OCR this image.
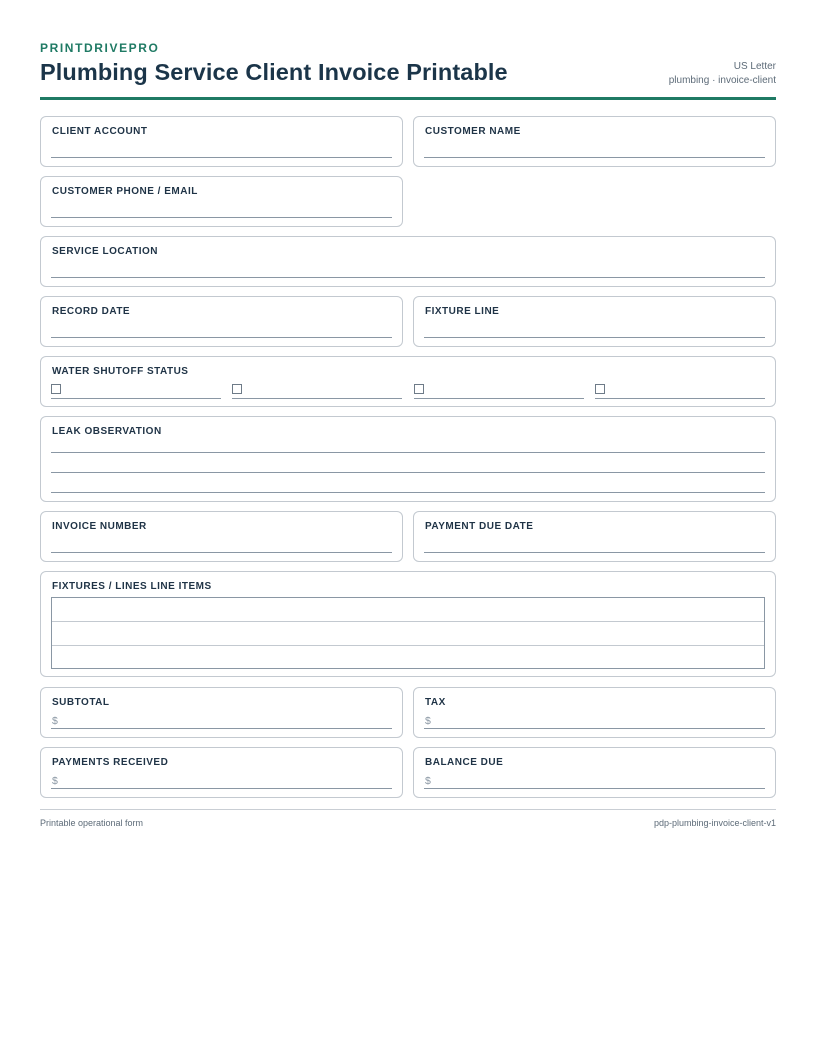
PRINTDRIVEPRO
Plumbing Service Client Invoice Printable	US Letter
plumbing · invoice-client
CLIENT ACCOUNT	CUSTOMER NAME
CUSTOMER PHONE / EMAIL
SERVICE LOCATION
RECORD DATE	FIXTURE LINE
WATER SHUTOFF STATUS
LEAK OBSERVATION
INVOICE NUMBER	PAYMENT DUE DATE
FIXTURES / LINES LINE ITEMS
SUBTOTAL
$
TAX
$
PAYMENTS RECEIVED
$
BALANCE DUE
$
Printable operational form	pdp-plumbing-invoice-client-v1
